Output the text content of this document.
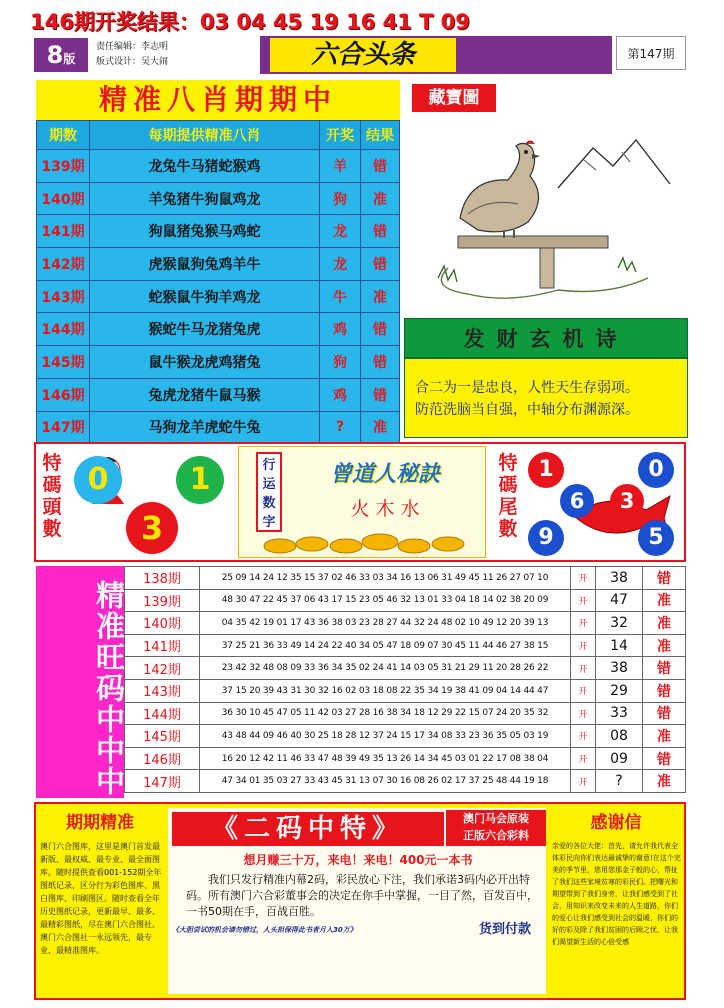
146期开奖结果：03 04 45 19 16 41 T 09
8版
责任编辑：李志明
版式设计：吴大闹	六合头条	第147期
精准八肖期期中	藏寶圖
期数	每期提供精准八肖	开奖	结果
139期	龙兔牛马猪蛇猴鸡	羊	错
140期	羊兔猪牛狗鼠鸡龙	狗	准
141期	狗鼠猪兔猴马鸡蛇	龙	错
142期	虎猴鼠狗兔鸡羊牛	龙	错
143期	蛇猴鼠牛狗羊鸡龙	牛	准
144期	猴蛇牛马龙猪兔虎	鸡	错
145期	鼠牛猴龙虎鸡猪兔	狗	错
146期	兔虎龙猪牛鼠马猴	鸡	错
147期	马狗龙羊虎蛇牛兔	?	准
发财玄机诗
合二为一是忠良，人性天生存弱项。
防范洗脑当自强，中轴分布渊源深。
特碼頭數
0	1
3
行运数字
曾道人秘訣
火 木 水
特碼尾數
1	0
6	3
9	5
精准旺码中中中 138期	25 09 14 24 12 35 15 37 02 46 33 03 34 16 13 06 31 49 45 11 26 27 07 10	开	38	错
139期	48 30 47 22 45 37 06 43 17 15 23 05 46 32 13 01 33 04 18 14 02 38 20 09	开	47	准
140期	04 35 42 19 01 17 43 36 38 03 23 28 27 44 32 24 48 02 10 49 12 20 39 13	开	32	准
141期	37 25 21 36 33 49 14 24 22 40 34 05 47 18 09 07 30 45 11 44 46 27 38 15	开	14	准
142期	23 42 32 48 08 09 33 36 34 35 02 24 41 14 03 05 31 21 29 11 20 28 26 22	开	38	错
143期	37 15 20 39 43 31 30 32 16 02 03 18 08 22 35 34 19 38 41 09 04 14 44 47	开	29	错
144期	36 30 10 45 47 05 11 42 03 27 28 16 38 34 18 12 29 22 15 07 24 20 35 32	开	33	错
145期	43 48 44 09 46 40 30 25 18 28 12 37 24 15 17 34 08 33 23 36 35 05 03 19	开	08	准
146期	16 20 12 42 11 46 33 47 48 39 49 35 13 26 14 34 45 03 01 22 17 08 38 04	开	09	错
147期	47 34 01 35 03 27 33 43 45 31 13 07 30 16 08 26 02 17 37 25 48 44 19 18	开	?	准
期期精准
澳门六合图库，这里是澳门首发最新版、最权威、最专业、最全面图库。随时提供查看001-152期全年图纸记录，区分行为彩色图库、黑白图库、印刷图区。随时查看全年历史图纸记录，更新最早、最多、最精彩图纸，尽在澳门六合图社。澳门六合图社一永远领先，最专业、最精准图库。
《二码中特》	澳门马会原装
正版六合彩料
想月赚三十万，来电！来电！400元一本书
我们只发行精准内幕2码，彩民放心下注，我们承诺3码内必开出特码。所有澳门六合彩董事会的决定在你手中掌握，一目了然，百发百中，一书50期在手，百战百胜。
《大胆尝试的机会请勿错过，人头担保得此书者月入30万》	货到付款
感谢信
亲爱的各位大佬：首先，请允许我代表全体彩民向你们表达最诚挚的谢意!在这个完美的季节里，您用您那金子般的心，帮扯了我们这些家境贫寒的彩民们。把曙光和期望带到了我们身旁，让我们感受到了社会，用知识来改变未来的人生道路，你们的爱心让我们感受到社会的温暖，你们的好的彩及除了我们贫困的后顾之忧，让我们渴望新生活的心倍受感
